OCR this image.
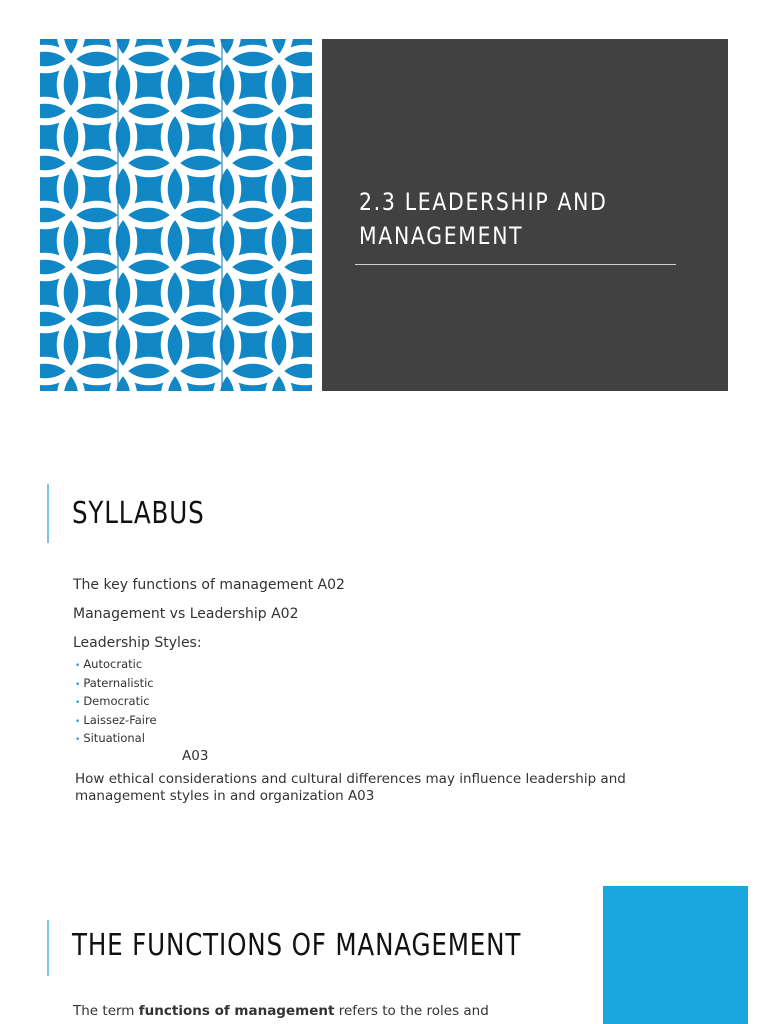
2.3 LEADERSHIP AND MANAGEMENT
SYLLABUS
The key functions of management A02
Management vs Leadership A02
Leadership Styles:
• Autocratic
• Paternalistic
• Democratic
• Laissez-Faire
• Situational
A03
How ethical considerations and cultural differences may influence leadership and management styles in and organization A03
THE FUNCTIONS OF MANAGEMENT
The term functions of management refers to the roles and
